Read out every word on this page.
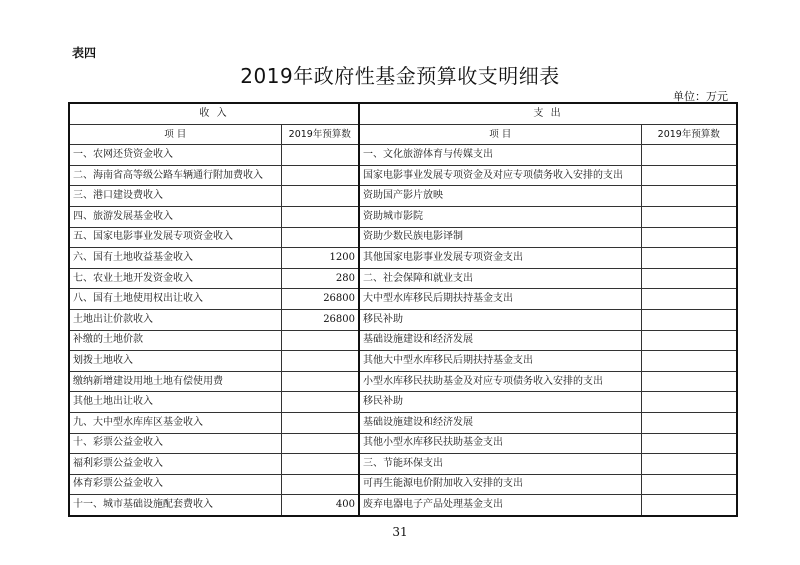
表四
2019年政府性基金预算收支明细表
单位：万元
收 入		支 出	
项 目	2019年预算数	项 目	2019年预算数
一、农网还贷资金收入		一、文化旅游体育与传媒支出	
二、海南省高等级公路车辆通行附加费收入		国家电影事业发展专项资金及对应专项债务收入安排的支出	
三、港口建设费收入		资助国产影片放映	
四、旅游发展基金收入		资助城市影院	
五、国家电影事业发展专项资金收入		资助少数民族电影译制	
六、国有土地收益基金收入	1200	其他国家电影事业发展专项资金支出	
七、农业土地开发资金收入	280	二、社会保障和就业支出	
八、国有土地使用权出让收入	26800	大中型水库移民后期扶持基金支出	
土地出让价款收入	26800	移民补助	
补缴的土地价款		基础设施建设和经济发展	
划拨土地收入		其他大中型水库移民后期扶持基金支出	
缴纳新增建设用地土地有偿使用费		小型水库移民扶助基金及对应专项债务收入安排的支出	
其他土地出让收入		移民补助	
九、大中型水库库区基金收入		基础设施建设和经济发展	
十、彩票公益金收入		其他小型水库移民扶助基金支出	
福利彩票公益金收入		三、节能环保支出	
体育彩票公益金收入		可再生能源电价附加收入安排的支出	
十一、城市基础设施配套费收入	400	废弃电器电子产品处理基金支出	
31
